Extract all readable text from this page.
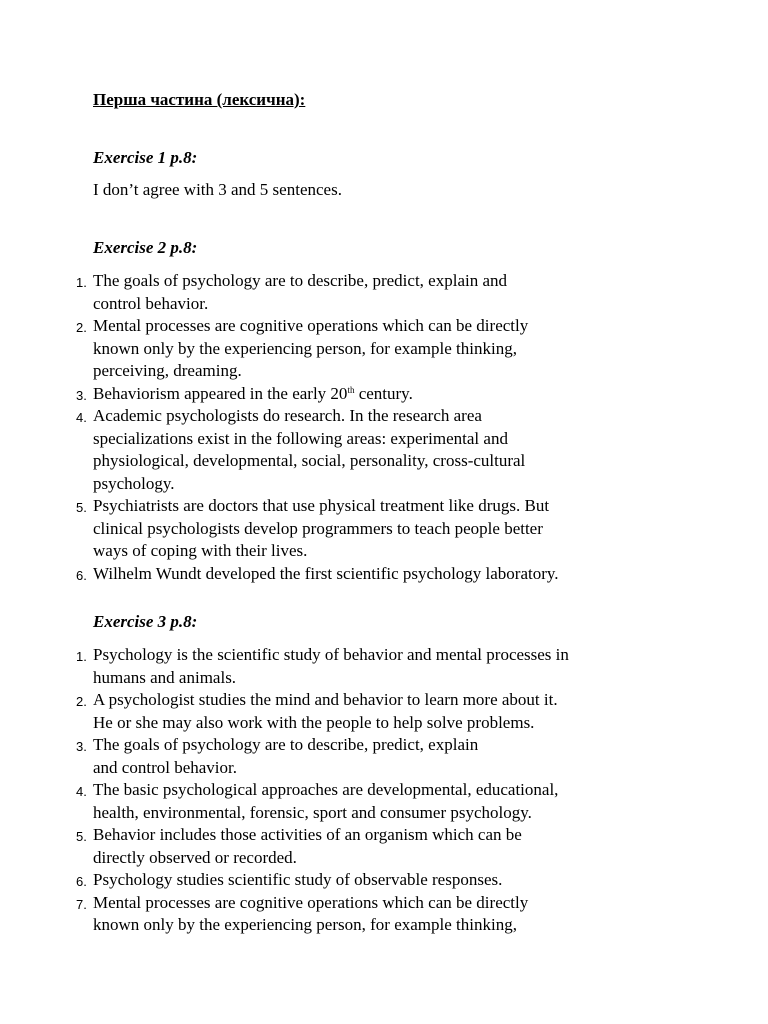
Перша частина (лексична):

Exercise 1 p.8:

I don’t agree with 3 and 5 sentences.

Exercise 2 p.8:

1. The goals of psychology are to describe, predict, explain and
control behavior.
2. Mental processes are cognitive operations which can be directly
known only by the experiencing person, for example thinking,
perceiving, dreaming.
3. Behaviorism appeared in the early 20th century.
4. Academic psychologists do research. In the research area
specializations exist in the following areas: experimental and
physiological, developmental, social, personality, cross-cultural
psychology.
5. Psychiatrists are doctors that use physical treatment like drugs. But
clinical psychologists develop programmers to teach people better
ways of coping with their lives.
6. Wilhelm Wundt developed the first scientific psychology laboratory.

Exercise 3 p.8:

1. Psychology is the scientific study of behavior and mental processes in
humans and animals.
2. A psychologist studies the mind and behavior to learn more about it.
He or she may also work with the people to help solve problems.
3. The goals of psychology are to describe, predict, explain
and control behavior.
4. The basic psychological approaches are developmental, educational,
health, environmental, forensic, sport and consumer psychology.
5. Behavior includes those activities of an organism which can be
directly observed or recorded.
6. Psychology studies scientific study of observable responses.
7. Mental processes are cognitive operations which can be directly
known only by the experiencing person, for example thinking,
